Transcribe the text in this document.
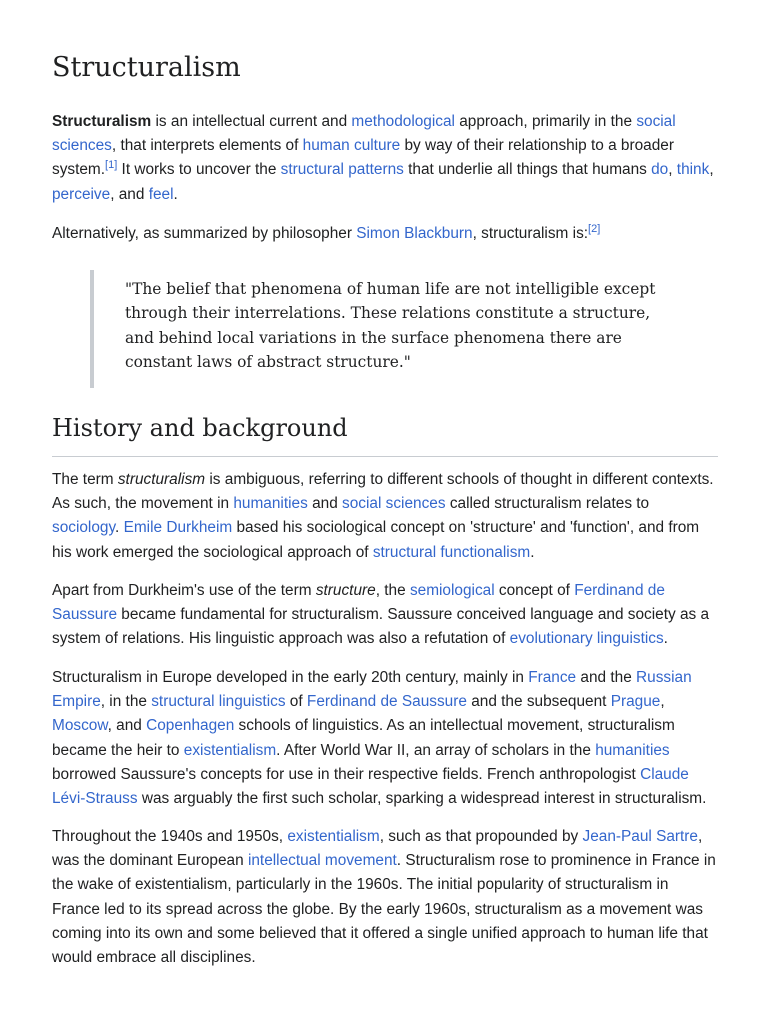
Structuralism

Structuralism is an intellectual current and methodological approach, primarily in the social sciences, that interprets elements of human culture by way of their relationship to a broader system.[1] It works to uncover the structural patterns that underlie all things that humans do, think, perceive, and feel.

Alternatively, as summarized by philosopher Simon Blackburn, structuralism is:[2]

"The belief that phenomena of human life are not intelligible except through their interrelations. These relations constitute a structure, and behind local variations in the surface phenomena there are constant laws of abstract structure."

History and background

The term structuralism is ambiguous, referring to different schools of thought in different contexts. As such, the movement in humanities and social sciences called structuralism relates to sociology. Emile Durkheim based his sociological concept on 'structure' and 'function', and from his work emerged the sociological approach of structural functionalism.

Apart from Durkheim's use of the term structure, the semiological concept of Ferdinand de Saussure became fundamental for structuralism. Saussure conceived language and society as a system of relations. His linguistic approach was also a refutation of evolutionary linguistics.

Structuralism in Europe developed in the early 20th century, mainly in France and the Russian Empire, in the structural linguistics of Ferdinand de Saussure and the subsequent Prague, Moscow, and Copenhagen schools of linguistics. As an intellectual movement, structuralism became the heir to existentialism. After World War II, an array of scholars in the humanities borrowed Saussure's concepts for use in their respective fields. French anthropologist Claude Lévi-Strauss was arguably the first such scholar, sparking a widespread interest in structuralism.

Throughout the 1940s and 1950s, existentialism, such as that propounded by Jean-Paul Sartre, was the dominant European intellectual movement. Structuralism rose to prominence in France in the wake of existentialism, particularly in the 1960s. The initial popularity of structuralism in France led to its spread across the globe. By the early 1960s, structuralism as a movement was coming into its own and some believed that it offered a single unified approach to human life that would embrace all disciplines.
